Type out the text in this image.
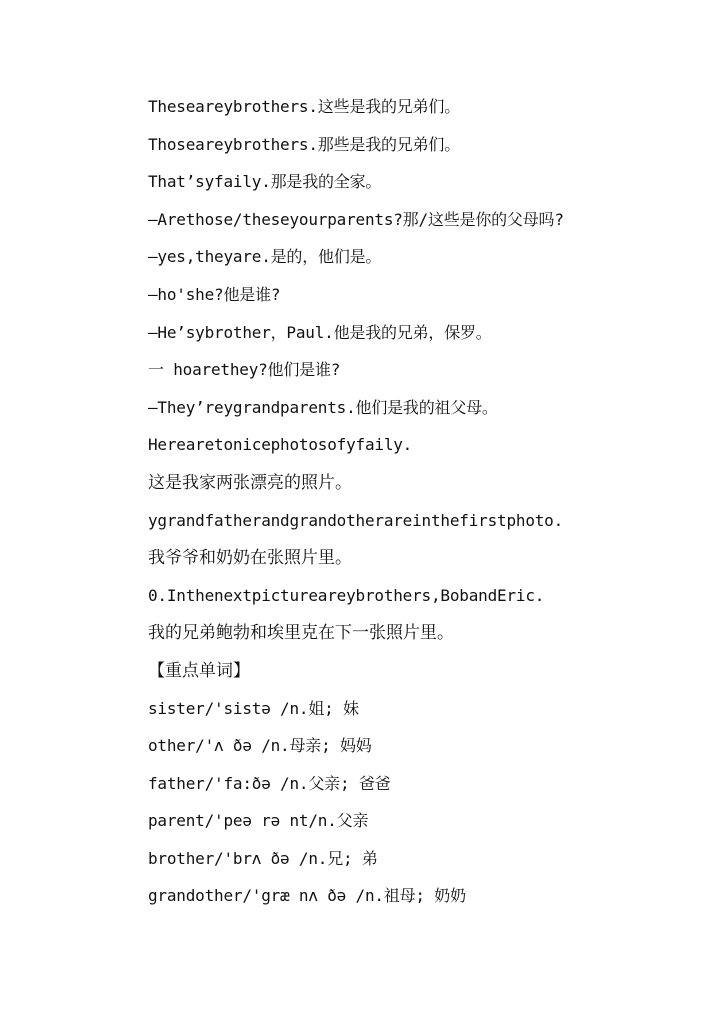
Theseareybrothers.这些是我的兄弟们。
Thoseareybrothers.那些是我的兄弟们。
That’syfaily.那是我的全家。
—Arethose/theseyourparents?那/这些是你的父母吗?
—yes,theyare.是的，他们是。
—ho'she?他是谁?
—He’sybrother，Paul.他是我的兄弟，保罗。
一 hoarethey?他们是谁?
—They’reygrandparents.他们是我的祖父母。
Herearetonicephotosofyfaily.
这是我家两张漂亮的照片。
ygrandfatherandgrandotherareinthefirstphoto.
我爷爷和奶奶在张照片里。
0.Inthenextpictureareybrothers,BobandEric.
我的兄弟鲍勃和埃里克在下一张照片里。
【重点单词】
sister/'sistə /n.姐; 妹
other/'ʌ ðə /n.母亲; 妈妈
father/'fa:ðə /n.父亲; 爸爸
parent/'peə rə nt/n.父亲
brother/'brʌ ðə /n.兄; 弟
grandother/'græ nʌ ðə /n.祖母; 奶奶
